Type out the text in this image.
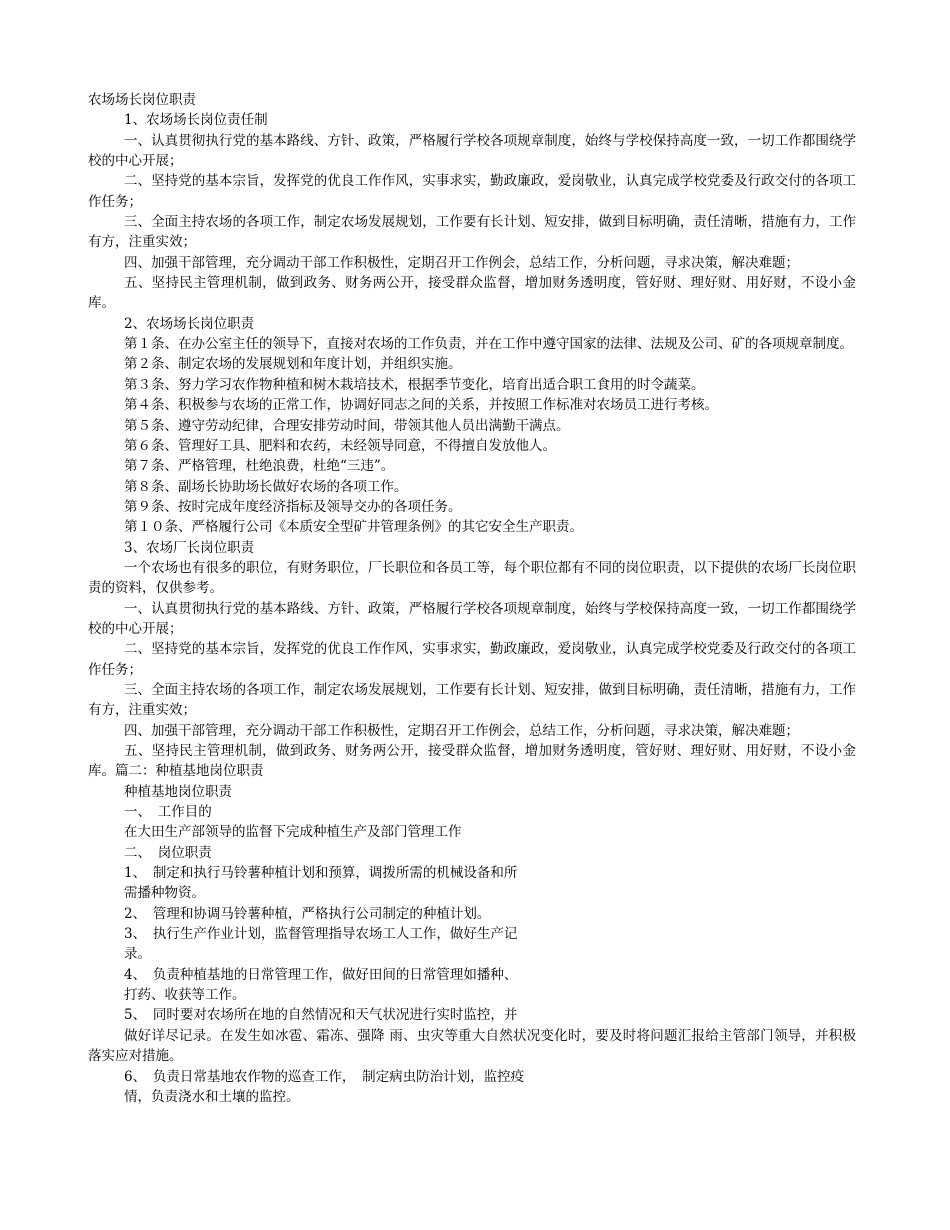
农场场长岗位职责

1、农场场长岗位责任制

一、认真贯彻执行党的基本路线、方针、政策，严格履行学校各项规章制度，始终与学校保持高度一致，一切工作都围绕学校的中心开展；

二、坚持党的基本宗旨，发挥党的优良工作作风，实事求实，勤政廉政，爱岗敬业，认真完成学校党委及行政交付的各项工作任务；

三、全面主持农场的各项工作，制定农场发展规划，工作要有长计划、短安排，做到目标明确，责任清晰，措施有力，工作有方，注重实效；

四、加强干部管理，充分调动干部工作积极性，定期召开工作例会，总结工作，分析问题，寻求决策，解决难题；

五、坚持民主管理机制，做到政务、财务两公开，接受群众监督，增加财务透明度，管好财、理好财、用好财，不设小金库。

2、农场场长岗位职责

第１条、在办公室主任的领导下，直接对农场的工作负责，并在工作中遵守国家的法律、法规及公司、矿的各项规章制度。

第２条、制定农场的发展规划和年度计划，并组织实施。

第３条、努力学习农作物种植和树木栽培技术，根据季节变化，培育出适合职工食用的时令蔬菜。

第４条、积极参与农场的正常工作，协调好同志之间的关系，并按照工作标准对农场员工进行考核。

第５条、遵守劳动纪律，合理安排劳动时间，带领其他人员出满勤干满点。

第６条、管理好工具、肥料和农药，未经领导同意，不得擅自发放他人。

第７条、严格管理，杜绝浪费，杜绝“三违”。

第８条、副场长协助场长做好农场的各项工作。

第９条、按时完成年度经济指标及领导交办的各项任务。

第１０条、严格履行公司《本质安全型矿井管理条例》的其它安全生产职责。

3、农场厂长岗位职责

一个农场也有很多的职位，有财务职位，厂长职位和各员工等，每个职位都有不同的岗位职责，以下提供的农场厂长岗位职责的资料，仅供参考。

一、认真贯彻执行党的基本路线、方针、政策，严格履行学校各项规章制度，始终与学校保持高度一致，一切工作都围绕学校的中心开展；

二、坚持党的基本宗旨，发挥党的优良工作作风，实事求实，勤政廉政，爱岗敬业，认真完成学校党委及行政交付的各项工作任务；

三、全面主持农场的各项工作，制定农场发展规划，工作要有长计划、短安排，做到目标明确，责任清晰，措施有力，工作有方，注重实效；

四、加强干部管理，充分调动干部工作积极性，定期召开工作例会，总结工作，分析问题，寻求决策，解决难题；

五、坚持民主管理机制，做到政务、财务两公开，接受群众监督，增加财务透明度，管好财、理好财、用好财，不设小金库。篇二：种植基地岗位职责

种植基地岗位职责

一、　工作目的

在大田生产部领导的监督下完成种植生产及部门管理工作

二、　岗位职责

1、　制定和执行马铃薯种植计划和预算，调拨所需的机械设备和所

需播种物资。

2、　管理和协调马铃薯种植，严格执行公司制定的种植计划。

3、　执行生产作业计划，监督管理指导农场工人工作，做好生产记

录。

4、　负责种植基地的日常管理工作，做好田间的日常管理如播种、

打药、收获等工作。

5、　同时要对农场所在地的自然情况和天气状况进行实时监控，并

做好详尽记录。在发生如冰雹、霜冻、强降 雨、虫灾等重大自然状况变化时，要及时将问题汇报给主管部门领导，并积极落实应对措施。

6、　负责日常基地农作物的巡查工作，　制定病虫防治计划，监控疫

情，负责浇水和土壤的监控。
